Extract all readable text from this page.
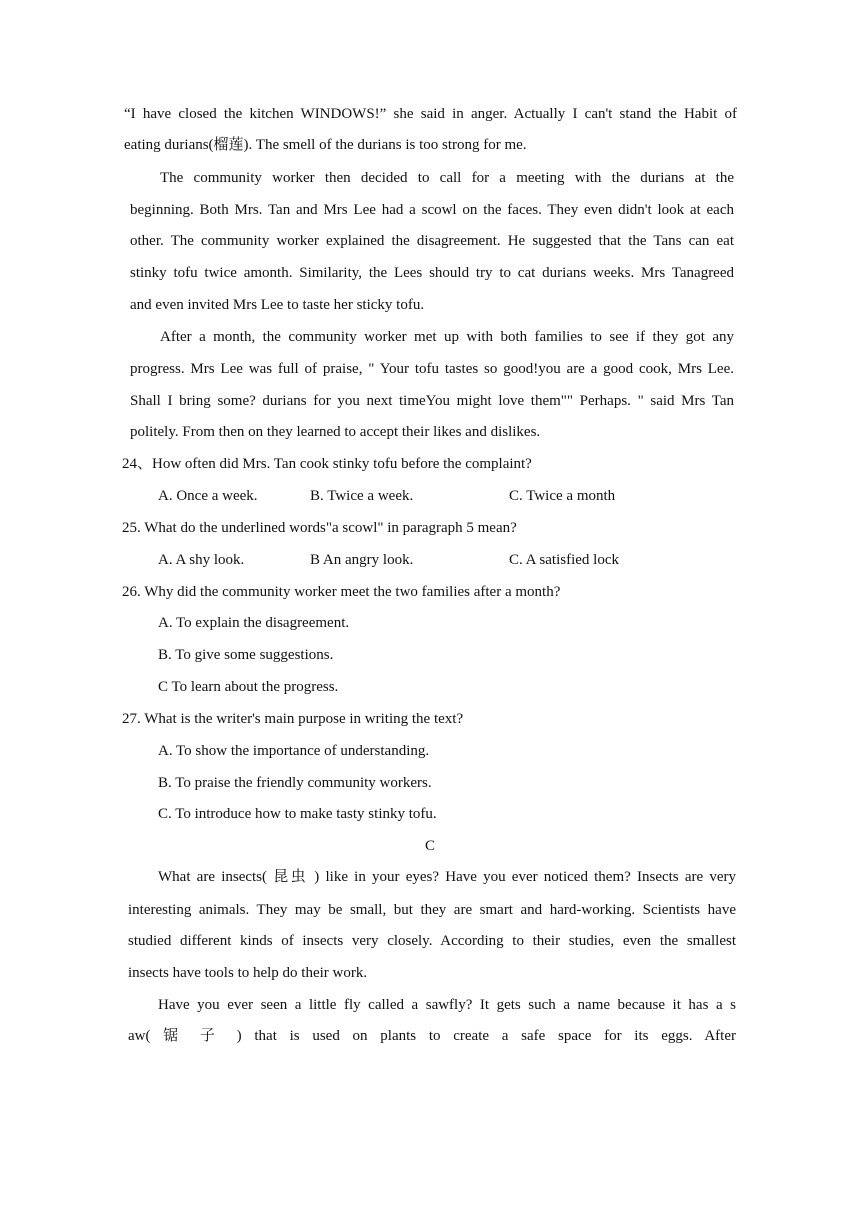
“I have closed the kitchen WINDOWS!” she said in anger. Actually I can't stand the Habit of
eating durians(榴莲). The smell of the durians is too strong for me.
The community worker then decided to call for a meeting with the durians at the
beginning. Both Mrs. Tan and Mrs Lee had a scowl on the faces. They even didn't look at each
other. The community worker explained the disagreement. He suggested that the Tans can eat
stinky tofu twice amonth. Similarity, the Lees should try to cat durians weeks. Mrs Tanagreed
and even invited Mrs Lee to taste her sticky tofu.
After a month, the community worker met up with both families to see if they got any
progress. Mrs Lee was full of praise, " Your tofu tastes so good!you are a good cook, Mrs Lee.
Shall I bring some? durians for you next timeYou might love them"" Perhaps. " said Mrs Tan
politely. From then on they learned to accept their likes and dislikes.
24、How often did Mrs. Tan cook stinky tofu before the complaint?
A. Once a week.	B. Twice a week.	C. Twice a month
25. What do the underlined words"a scowl" in paragraph 5 mean?
A. A shy look.	B An angry look.	C. A satisfied lock
26. Why did the community worker meet the two families after a month?
A. To explain the disagreement.
B. To give some suggestions.
C To learn about the progress.
27. What is the writer's main purpose in writing the text?
A. To show the importance of understanding.
B. To praise the friendly community workers.
C. To introduce how to make tasty stinky tofu.
C
What are insects( 昆虫 ) like in your eyes? Have you ever noticed them? Insects are very
interesting animals. They may be small, but they are smart and hard-working. Scientists have
studied different kinds of insects very closely. According to their studies, even the smallest
insects have tools to help do their work.
Have you ever seen a little fly called a sawfly? It gets such a name because it has a s
aw( 锯 子 ) that is used on plants to create a safe space for its eggs. After
